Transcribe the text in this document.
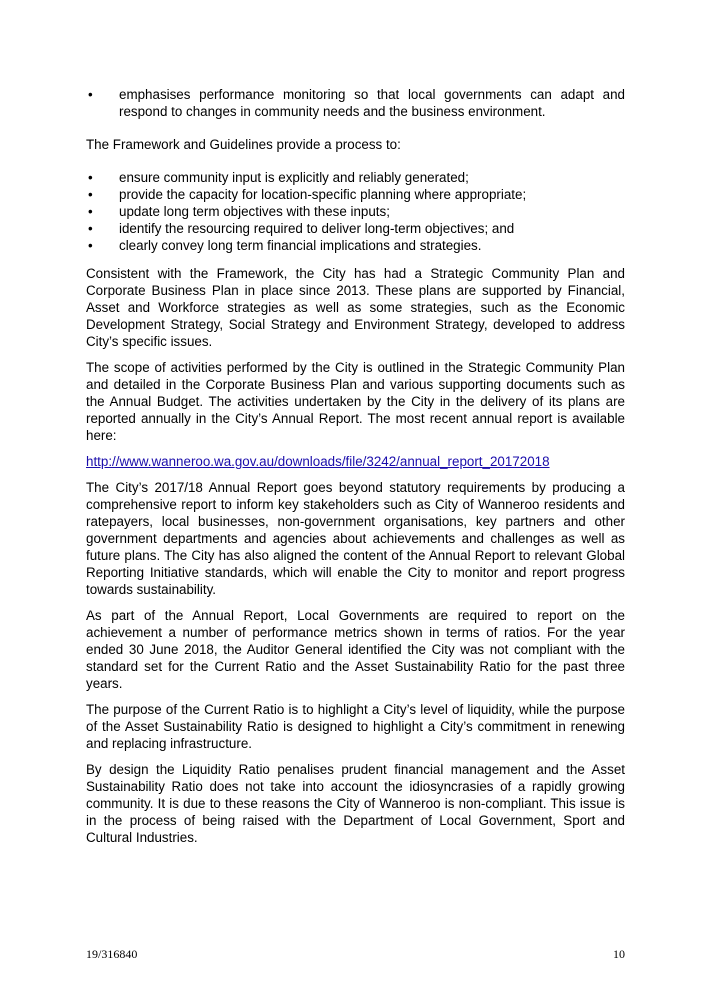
•	emphasises performance monitoring so that local governments can adapt and respond to changes in community needs and the business environment.

The Framework and Guidelines provide a process to:

•	ensure community input is explicitly and reliably generated;
•	provide the capacity for location-specific planning where appropriate;
•	update long term objectives with these inputs;
•	identify the resourcing required to deliver long-term objectives; and
•	clearly convey long term financial implications and strategies.

Consistent with the Framework, the City has had a Strategic Community Plan and Corporate Business Plan in place since 2013. These plans are supported by Financial, Asset and Workforce strategies as well as some strategies, such as the Economic Development Strategy, Social Strategy and Environment Strategy, developed to address City’s specific issues.

The scope of activities performed by the City is outlined in the Strategic Community Plan and detailed in the Corporate Business Plan and various supporting documents such as the Annual Budget. The activities undertaken by the City in the delivery of its plans are reported annually in the City’s Annual Report. The most recent annual report is available here:

http://www.wanneroo.wa.gov.au/downloads/file/3242/annual_report_20172018

The City’s 2017/18 Annual Report goes beyond statutory requirements by producing a comprehensive report to inform key stakeholders such as City of Wanneroo residents and ratepayers, local businesses, non-government organisations, key partners and other government departments and agencies about achievements and challenges as well as future plans. The City has also aligned the content of the Annual Report to relevant Global Reporting Initiative standards, which will enable the City to monitor and report progress towards sustainability.

As part of the Annual Report, Local Governments are required to report on the achievement a number of performance metrics shown in terms of ratios. For the year ended 30 June 2018, the Auditor General identified the City was not compliant with the standard set for the Current Ratio and the Asset Sustainability Ratio for the past three years.

The purpose of the Current Ratio is to highlight a City’s level of liquidity, while the purpose of the Asset Sustainability Ratio is designed to highlight a City’s commitment in renewing and replacing infrastructure.

By design the Liquidity Ratio penalises prudent financial management and the Asset Sustainability Ratio does not take into account the idiosyncrasies of a rapidly growing community. It is due to these reasons the City of Wanneroo is non-compliant. This issue is in the process of being raised with the Department of Local Government, Sport and Cultural Industries.

19/316840	10
